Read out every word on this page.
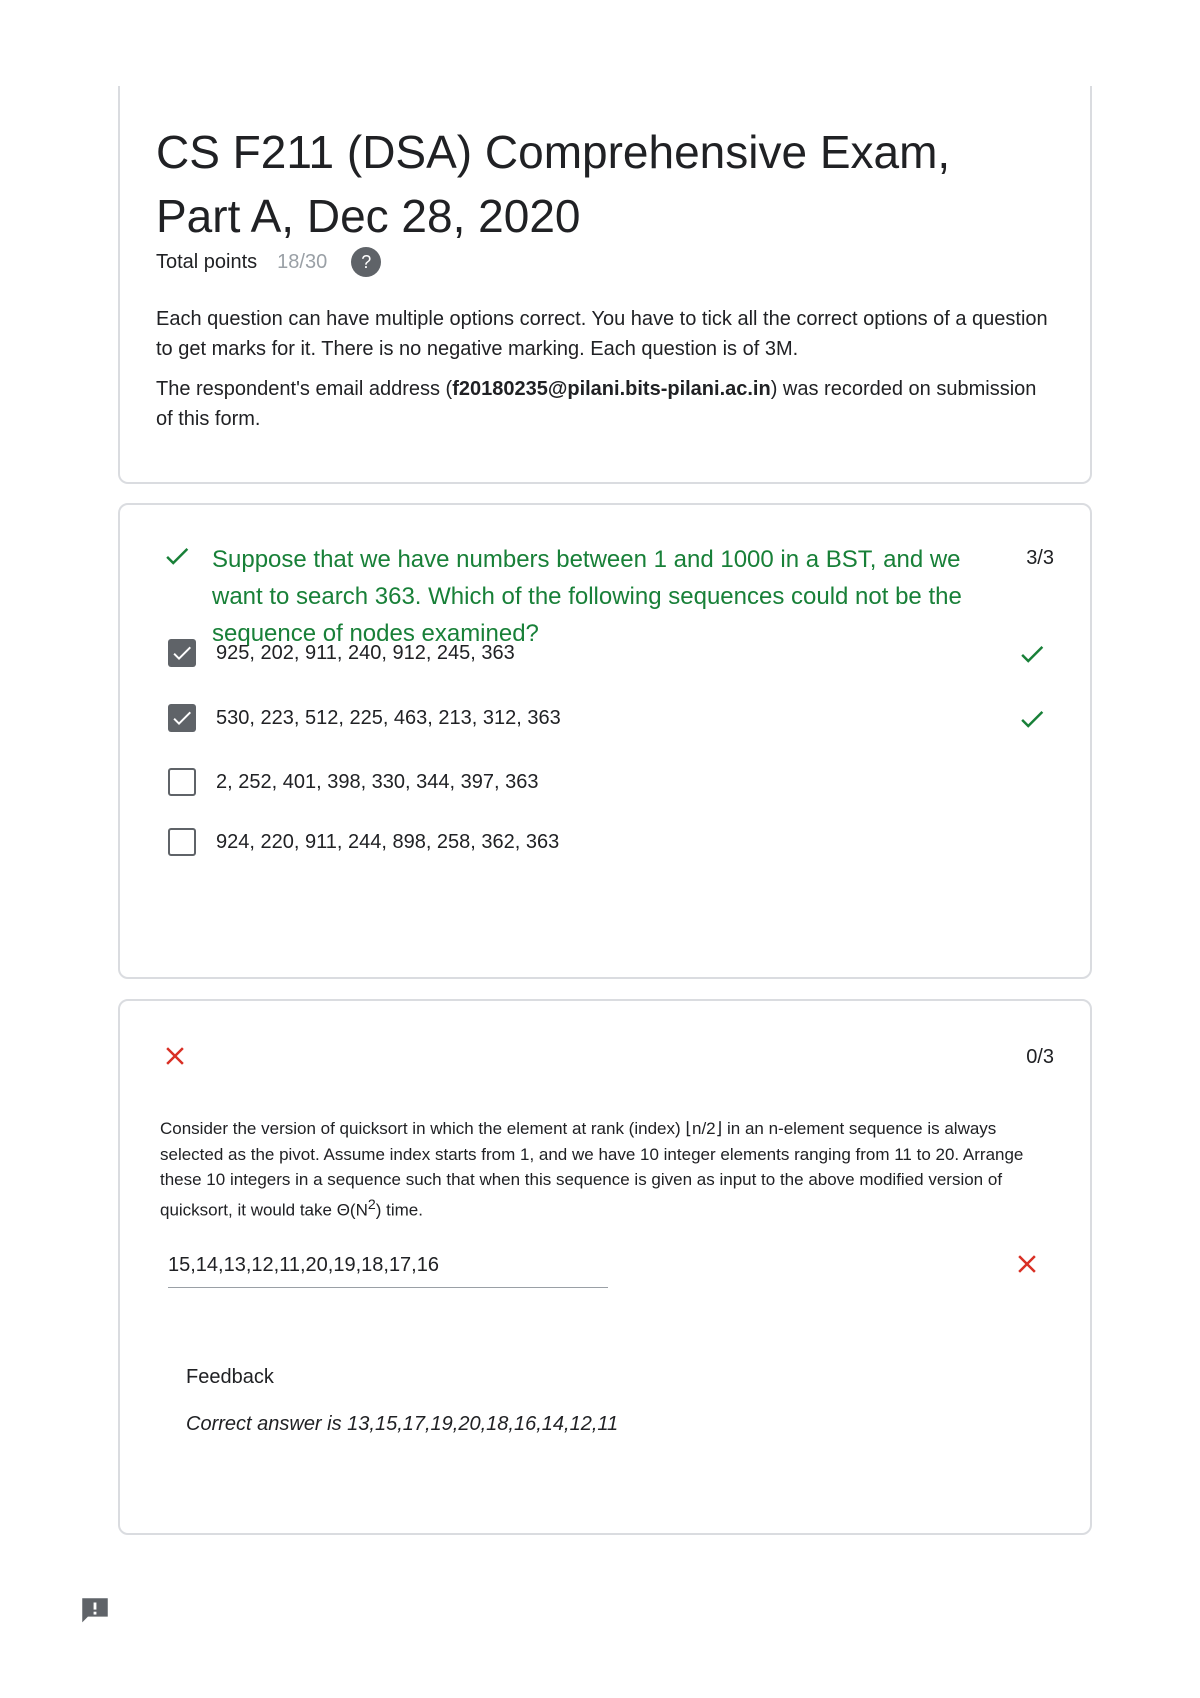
CS F211 (DSA) Comprehensive Exam,
Part A, Dec 28, 2020
Total points 18/30	?

Each question can have multiple options correct. You have to tick all the correct options of a question to get marks for it. There is no negative marking. Each question is of 3M.

The respondent's email address (f20180235@pilani.bits-pilani.ac.in) was recorded on submission of this form.

Suppose that we have numbers between 1 and 1000 in a BST, and we want to search 363. Which of the following sequences could not be the sequence of nodes examined?

3/3
925, 202, 911, 240, 912, 245, 363
530, 223, 512, 225, 463, 213, 312, 363
2, 252, 401, 398, 330, 344, 397, 363
924, 220, 911, 244, 898, 258, 362, 363
0/3

Consider the version of quicksort in which the element at rank (index) ⌊n/2⌋ in an n-element sequence is always selected as the pivot. Assume index starts from 1, and we have 10 integer elements ranging from 11 to 20. Arrange these 10 integers in a sequence such that when this sequence is given as input to the above modified version of quicksort, it would take $\Theta(N^2)$ time.

15,14,13,12,11,20,19,18,17,16
Feedback

Correct answer is 13,15,17,19,20,18,16,14,12,11
